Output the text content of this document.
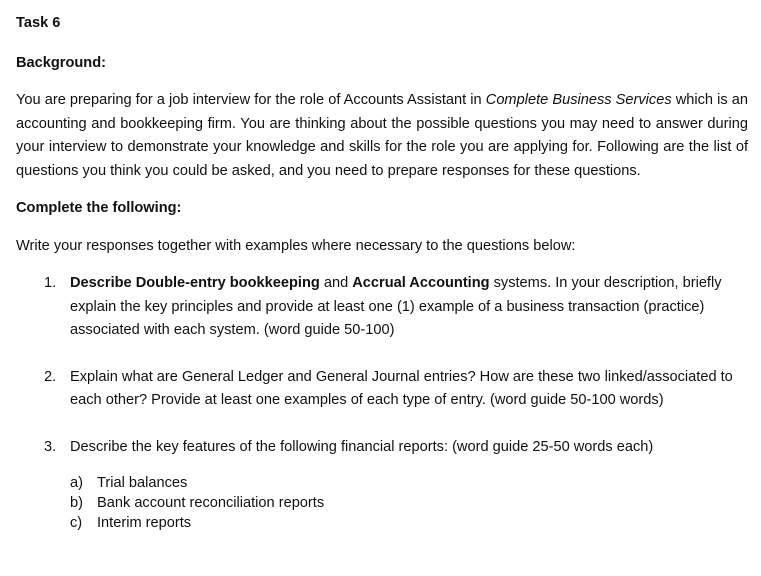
Task 6
Background:

You are preparing for a job interview for the role of Accounts Assistant in Complete Business Services which is an accounting and bookkeeping firm. You are thinking about the possible questions you may need to answer during your interview to demonstrate your knowledge and skills for the role you are applying for. Following are the list of questions you think you could be asked, and you need to prepare responses for these questions.

Complete the following:

Write your responses together with examples where necessary to the questions below:

1. Describe Double-entry bookkeeping and Accrual Accounting systems. In your description, briefly explain the key principles and provide at least one (1) example of a business transaction (practice) associated with each system. (word guide 50-100)
2. Explain what are General Ledger and General Journal entries? How are these two linked/associated to each other? Provide at least one examples of each type of entry. (word guide 50-100 words)
3. Describe the key features of the following financial reports: (word guide 25-50 words each)
a) Trial balances
b) Bank account reconciliation reports
c) Interim reports
